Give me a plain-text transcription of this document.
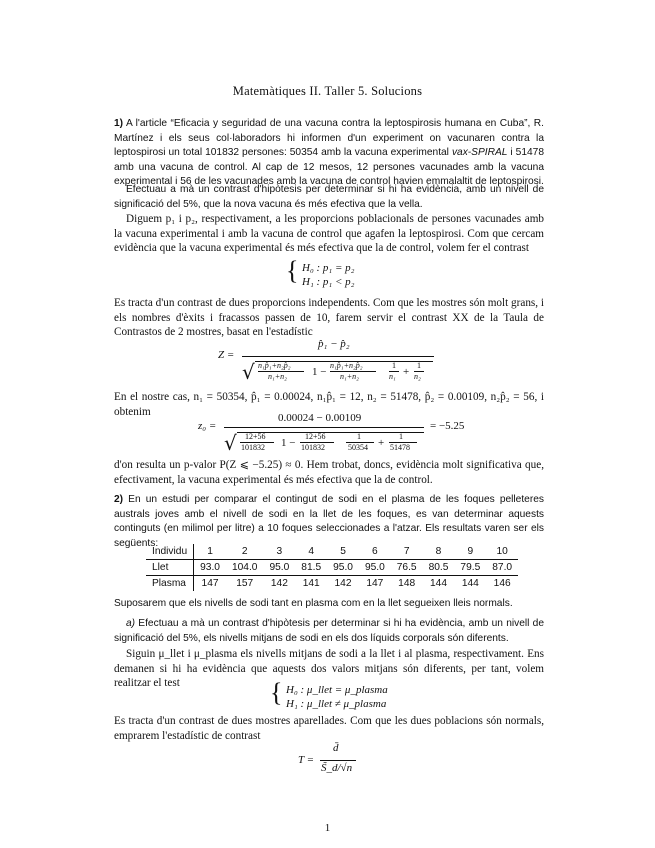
Matemàtiques II. Taller 5. Solucions
1) A l'article “Eficacia y seguridad de una vacuna contra la leptospirosis humana en Cuba”, R. Martínez i els seus col·laboradors hi informen d'un experiment on vacunaren contra la leptospirosi un total 101832 persones: 50354 amb la vacuna experimental vax-SPIRAL i 51478 amb una vacuna de control. Al cap de 12 mesos, 12 persones vacunades amb la vacuna experimental i 56 de les vacunades amb la vacuna de control havien emmalaltit de leptospirosi.
Efectuau a mà un contrast d'hipòtesis per determinar si hi ha evidència, amb un nivell de significació del 5%, que la nova vacuna és més efectiva que la vella.
Diguem p₁ i p₂, respectivament, a les proporcions poblacionals de persones vacunades amb la vacuna experimental i amb la vacuna de control que agafen la leptospirosi. Com que cercam evidència que la vacuna experimental és més efectiva que la de control, volem fer el contrast
{ H₀ : p₁ = p₂
H₁ : p₁ < p₂
Es tracta d'un contrast de dues proporcions independents. Com que les mostres són molt grans, i els nombres d'èxits i fracassos passen de 10, farem servir el contrast XX de la Taula de Contrastos de 2 mostres, basat en l'estadístic
Z =
p̂₁ − p̂₂
√ n₁p̂₁+n₂p̂₂
n₁+n₂ 1 −
n₁p̂₁+n₂p̂₂
n₁+n₂
1
n₁ +
1
n₂
En el nostre cas, n₁ = 50354, p̂₁ = 0.00024, n₁p̂₁ = 12, n₂ = 51478, p̂₂ = 0.00109, n₂p̂₂ = 56, i obtenim
z₀ =
0.00024 − 0.00109
√ 12+56
101832 1 −
12+56
101832
1
50354 +
1
51478
= −5.25
d'on resulta un p-valor P(Z ⩽ −5.25) ≈ 0. Hem trobat, doncs, evidència molt significativa que, efectivament, la vacuna experimental és més efectiva que la de control.
2) En un estudi per comparar el contingut de sodi en el plasma de les foques pelleteres australs joves amb el nivell de sodi en la llet de les foques, es van determinar aquests continguts (en milimol per litre) a 10 foques seleccionades a l'atzar. Els resultats varen ser els següents:
Individu	1	2	3	4	5	6	7	8	9	10
Llet	93.0	104.0	95.0	81.5	95.0	95.0	76.5	80.5	79.5	87.0
Plasma	147	157	142	141	142	147	148	144	144	146
Suposarem que els nivells de sodi tant en plasma com en la llet segueixen lleis normals.
a) Efectuau a mà un contrast d'hipòtesis per determinar si hi ha evidència, amb un nivell de significació del 5%, els nivells mitjans de sodi en els dos líquids corporals són diferents.
Siguin μ_llet i μ_plasma els nivells mitjans de sodi a la llet i al plasma, respectivament. Ens demanen si hi ha evidència que aquests dos valors mitjans són diferents, per tant, volem realitzar el test	{ H₀ : μ_llet = μ_plasma
H₁ : μ_llet ≠ μ_plasma
Es tracta d'un contrast de dues mostres aparellades. Com que les dues poblacions són normals, emprarem l'estadístic de contrast
T =
d̄
S̃_d/√n
1
